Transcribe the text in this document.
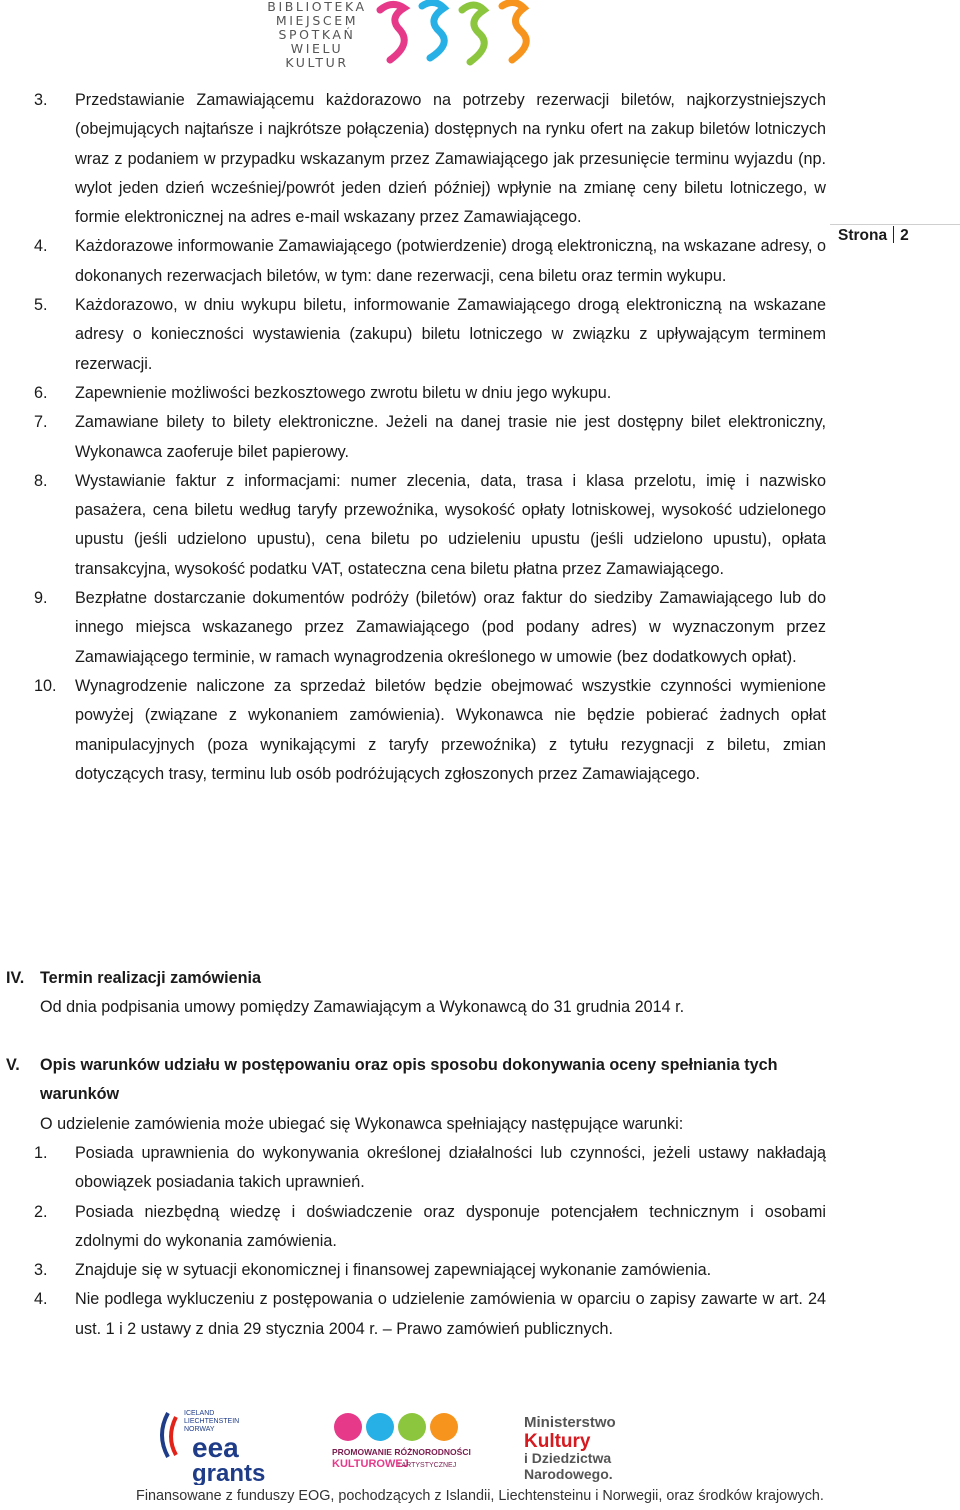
BIBLIOTEKA
MIEJSCEM
SPOTKAŃ
WIELU
KULTUR
Strona 2
3. Przedstawianie Zamawiającemu każdorazowo na potrzeby rezerwacji biletów, najkorzystniejszych (obejmujących najtańsze i najkrótsze połączenia) dostępnych na rynku ofert na zakup biletów lotniczych wraz z podaniem w przypadku wskazanym przez Zamawiającego jak przesunięcie terminu wyjazdu (np. wylot jeden dzień wcześniej/powrót jeden dzień później) wpłynie na zmianę ceny biletu lotniczego, w formie elektronicznej na adres e-mail wskazany przez Zamawiającego.
4. Każdorazowe informowanie Zamawiającego (potwierdzenie) drogą elektroniczną, na wskazane adresy, o dokonanych rezerwacjach biletów, w tym: dane rezerwacji, cena biletu oraz termin wykupu.
5. Każdorazowo, w dniu wykupu biletu, informowanie Zamawiającego drogą elektroniczną na wskazane adresy o konieczności wystawienia (zakupu) biletu lotniczego w związku z upływającym terminem rezerwacji.
6. Zapewnienie możliwości bezkosztowego zwrotu biletu w dniu jego wykupu.
7. Zamawiane bilety to bilety elektroniczne. Jeżeli na danej trasie nie jest dostępny bilet elektroniczny, Wykonawca zaoferuje bilet papierowy.
8. Wystawianie faktur z informacjami: numer zlecenia, data, trasa i klasa przelotu, imię i nazwisko pasażera, cena biletu według taryfy przewoźnika, wysokość opłaty lotniskowej, wysokość udzielonego upustu (jeśli udzielono upustu), cena biletu po udzieleniu upustu (jeśli udzielono upustu), opłata transakcyjna, wysokość podatku VAT, ostateczna cena biletu płatna przez Zamawiającego.
9. Bezpłatne dostarczanie dokumentów podróży (biletów) oraz faktur do siedziby Zamawiającego lub do innego miejsca wskazanego przez Zamawiającego (pod podany adres) w wyznaczonym przez Zamawiającego terminie, w ramach wynagrodzenia określonego w umowie (bez dodatkowych opłat).
10. Wynagrodzenie naliczone za sprzedaż biletów będzie obejmować wszystkie czynności wymienione powyżej (związane z wykonaniem zamówienia). Wykonawca nie będzie pobierać żadnych opłat manipulacyjnych (poza wynikającymi z taryfy przewoźnika) z tytułu rezygnacji z biletu, zmian dotyczących trasy, terminu lub osób podróżujących zgłoszonych przez Zamawiającego.
IV. Termin realizacji zamówienia
Od dnia podpisania umowy pomiędzy Zamawiającym a Wykonawcą do 31 grudnia 2014 r.
V. Opis warunków udziału w postępowaniu oraz opis sposobu dokonywania oceny spełniania tych warunków
O udzielenie zamówienia może ubiegać się Wykonawca spełniający następujące warunki:
1. Posiada uprawnienia do wykonywania określonej działalności lub czynności, jeżeli ustawy nakładają obowiązek posiadania takich uprawnień.
2. Posiada niezbędną wiedzę i doświadczenie oraz dysponuje potencjałem technicznym i osobami zdolnymi do wykonania zamówienia.
3. Znajduje się w sytuacji ekonomicznej i finansowej zapewniającej wykonanie zamówienia.
4. Nie podlega wykluczeniu z postępowania o udzielenie zamówienia w oparciu o zapisy zawarte w art. 24 ust. 1 i 2 ustawy z dnia 29 stycznia 2004 r. – Prawo zamówień publicznych.
ICELAND
LIECHTENSTEIN
NORWAY
eea
grants
PROMOWANIE RÓŻNORODNOŚCI
KULTUROWEJ
I ARTYSTYCZNEJ
Ministerstwo
Kultury
i Dziedzictwa
Narodowego.
Finansowane z funduszy EOG, pochodzących z Islandii, Liechtensteinu i Norwegii, oraz środków krajowych.
